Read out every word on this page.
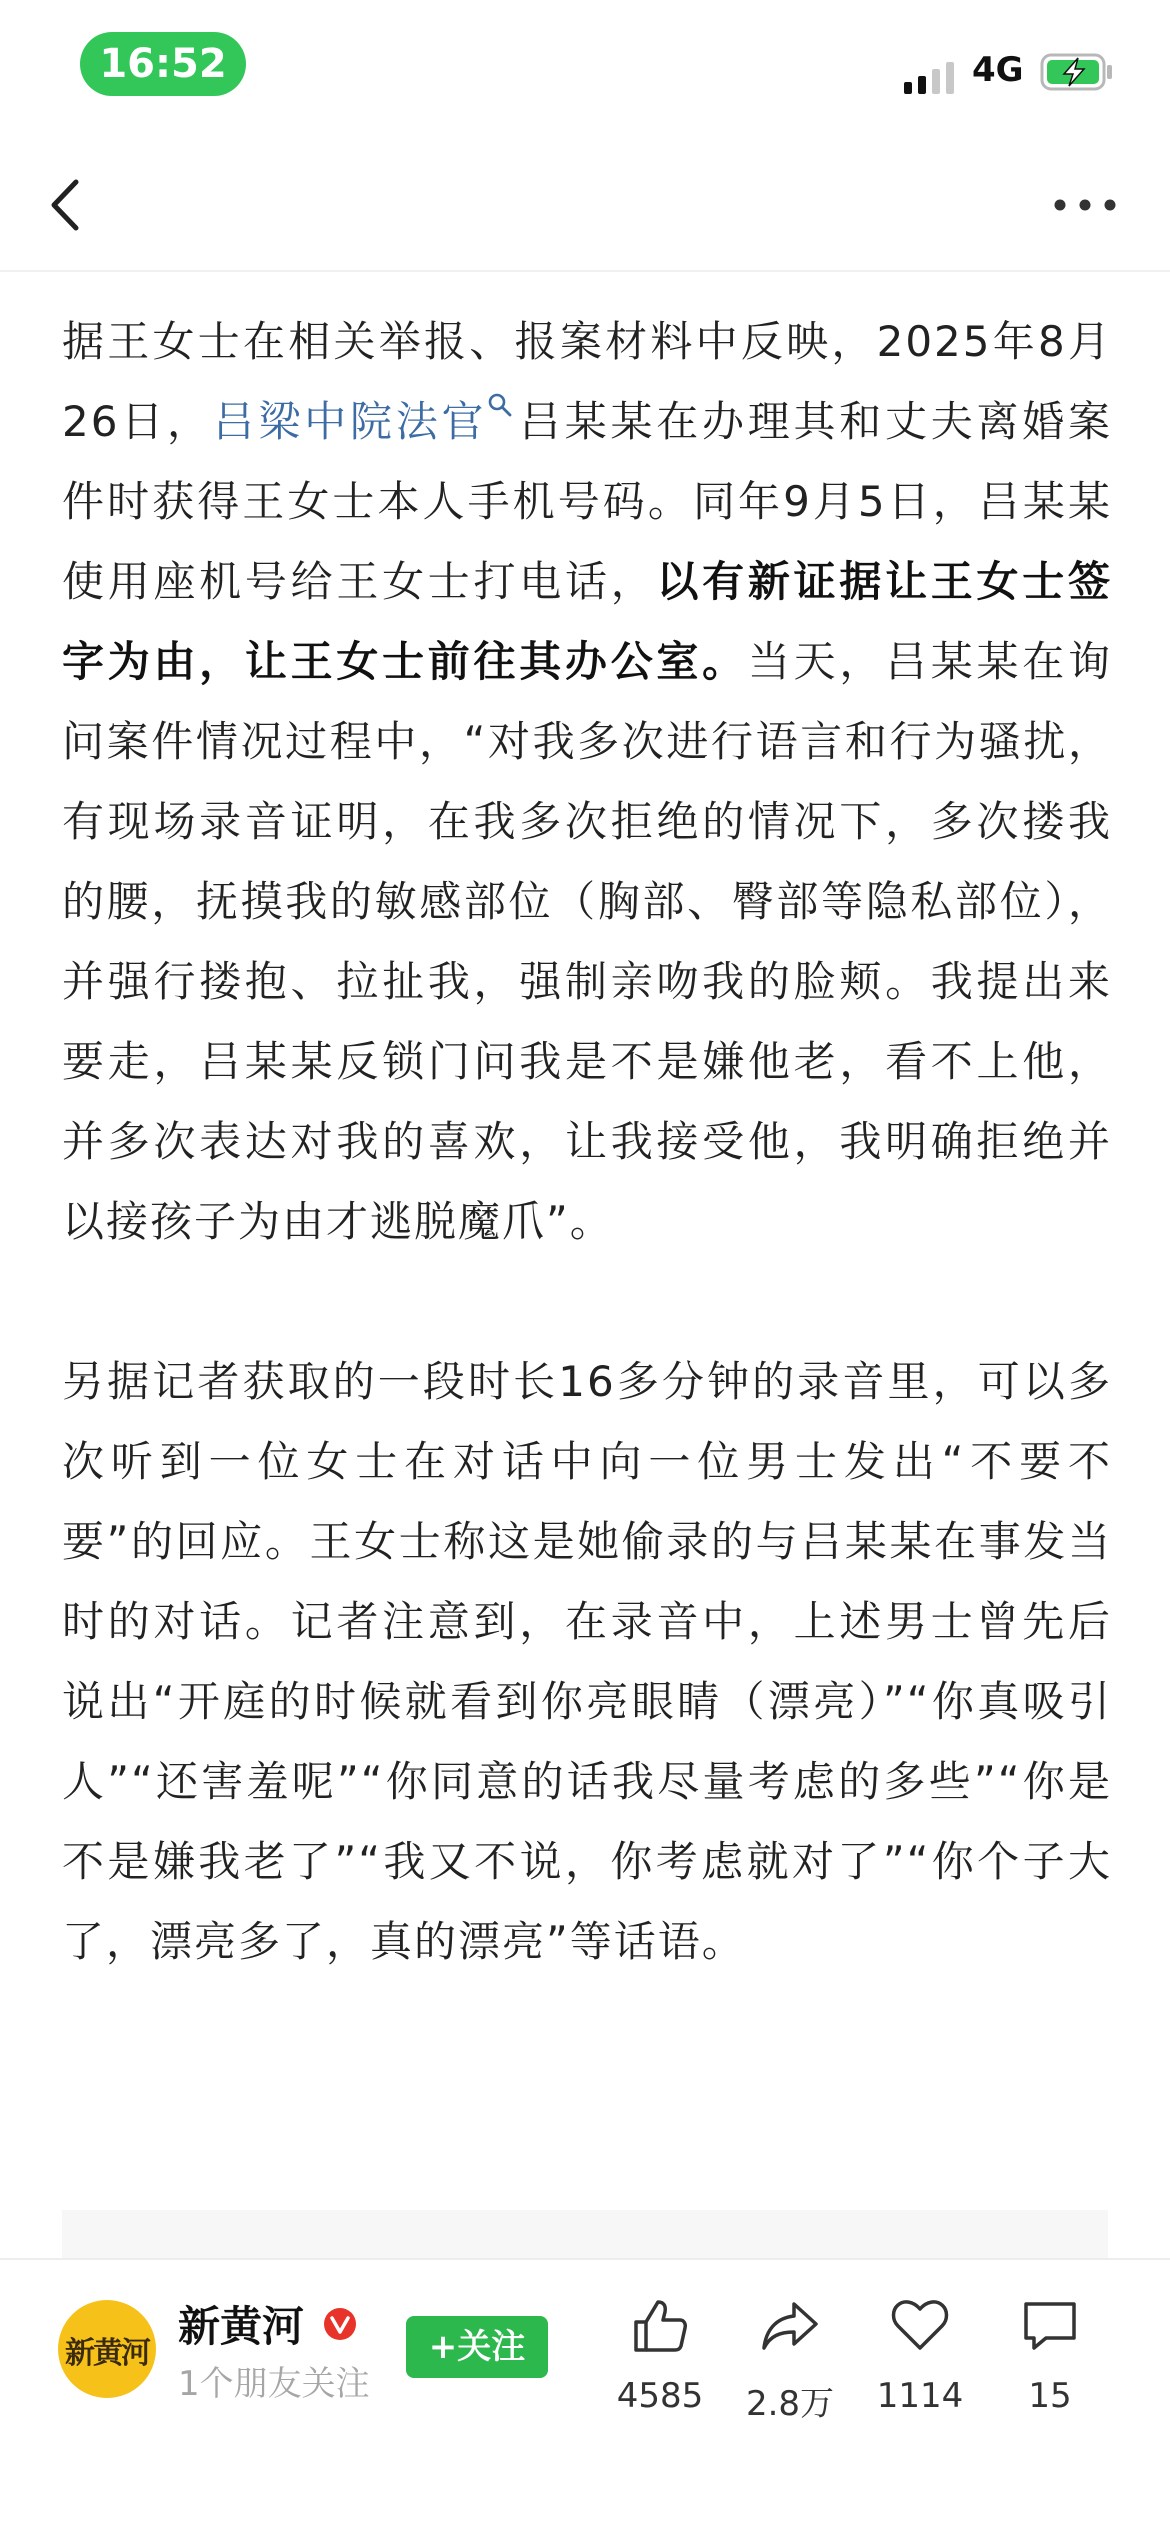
16:52	4G

据王女士在相关举报、报案材料中反映，2025年8月26日，吕梁中院法官 吕某某在办理其和丈夫离婚案件时获得王女士本人手机号码。同年9月5日，吕某某使用座机号给王女士打电话，以有新证据让王女士签字为由，让王女士前往其办公室。当天，吕某某在询问案件情况过程中，“对我多次进行语言和行为骚扰，有现场录音证明，在我多次拒绝的情况下，多次搂我的腰，抚摸我的敏感部位（胸部、臀部等隐私部位），并强行搂抱、拉扯我，强制亲吻我的脸颊。我提出来要走，吕某某反锁门问我是不是嫌他老，看不上他，并多次表达对我的喜欢，让我接受他，我明确拒绝并以接孩子为由才逃脱魔爪”。

另据记者获取的一段时长16多分钟的录音里，可以多次听到一位女士在对话中向一位男士发出“不要不要”的回应。王女士称这是她偷录的与吕某某在事发当时的对话。记者注意到，在录音中，上述男士曾先后说出“开庭的时候就看到你亮眼睛（漂亮）”“你真吸引人”“还害羞呢”“你同意的话我尽量考虑的多些”“你是不是嫌我老了”“我又不说，你考虑就对了”“你个子大了，漂亮多了，真的漂亮”等话语。

新黄河
新黄河
1个朋友关注
+关注
4585	2.8万	1114	15
